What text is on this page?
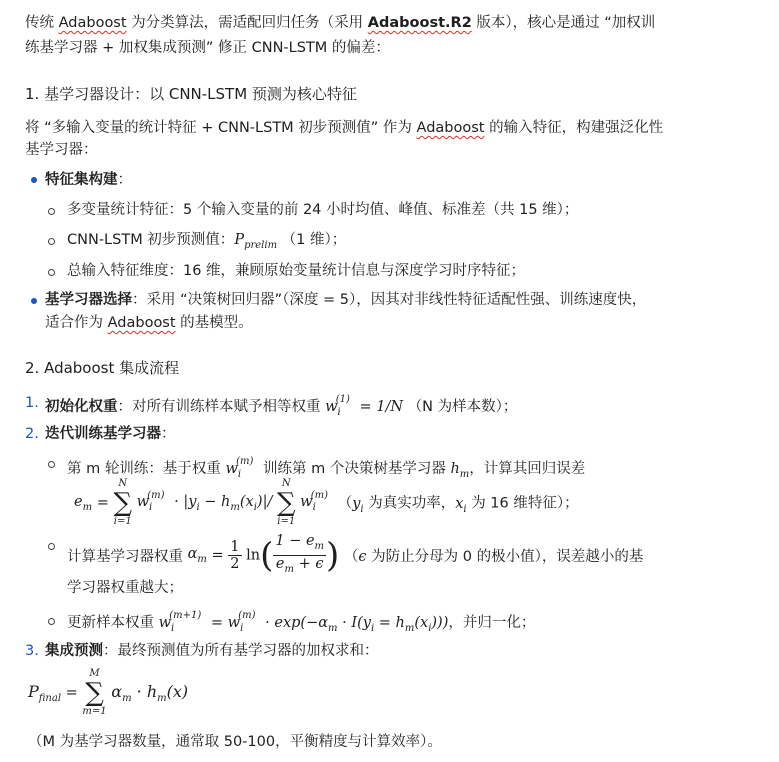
传统 Adaboost 为分类算法，需适配回归任务（采用 Adaboost.R2 版本），核心是通过 “加权训
练基学习器 + 加权集成预测” 修正 CNN-LSTM 的偏差：
1. 基学习器设计：以 CNN-LSTM 预测为核心特征
将 “多输入变量的统计特征 + CNN-LSTM 初步预测值” 作为 Adaboost 的输入特征，构建强泛化性
基学习器：
特征集构建：
多变量统计特征：5 个输入变量的前 24 小时均值、峰值、标准差（共 15 维）；
CNN-LSTM 初步预测值：$P_{prelim}$ （1 维）；
总输入特征维度：16 维，兼顾原始变量统计信息与深度学习时序特征；
基学习器选择：采用 “决策树回归器”（深度 = 5），因其对非线性特征适配性强、训练速度快，
适合作为 Adaboost 的基模型。
2. Adaboost 集成流程
1. 初始化权重：对所有训练样本赋予相等权重 $w_i^{(1)} = 1/N$ （N 为样本数）；
2. 迭代训练基学习器：
第 m 轮训练：基于权重 $w_i^{(m)}$ 训练第 m 个决策树基学习器 $h_m$，计算其回归误差
$e_m$ =
N
∑
i=1
$w_i^{(m)} \cdot |y_i - h_m(x_i)|/$
N
∑
i=1
$w_i^{(m)}$ （$y_i$ 为真实功率，$x_i$ 为 16 维特征）；
计算基学习器权重 $\alpha_m = \frac{1}{2} \ln( \frac{1 - e_m}{e_m + \epsilon}$ ) （ϵ 为防止分母为 0 的极小值），误差越小的基
学习器权重越大；
更新样本权重 $w_i^{(m+1)} = w_i^{(m)} \cdot \exp(-\alpha_m \cdot I(y_i = h_m(x_i)))$，并归一化；
3. 集成预测：最终预测值为所有基学习器的加权求和：
$P_{final}$ =
M
∑
m=1
$\alpha_m \cdot h_m(x)$
（M 为基学习器数量，通常取 50-100，平衡精度与计算效率）。
